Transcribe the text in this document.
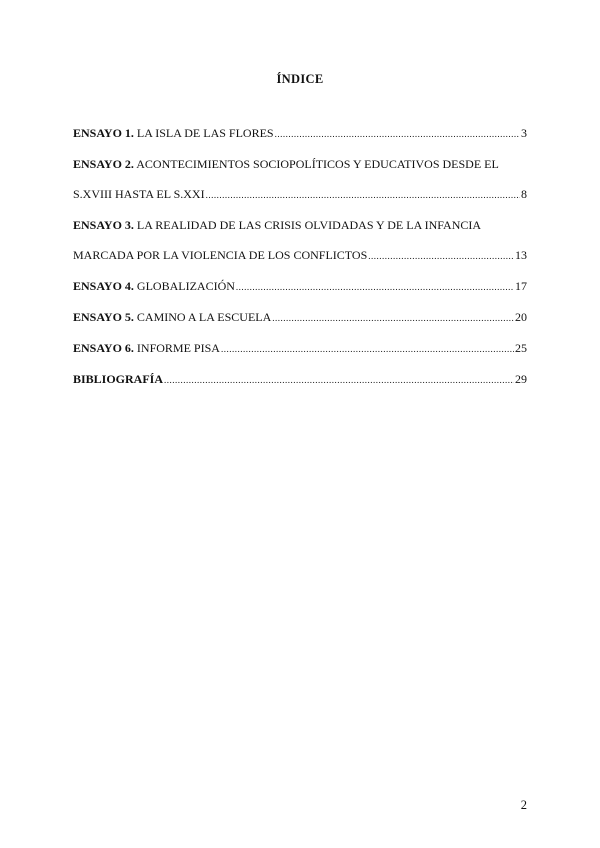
ÍNDICE
ENSAYO 1. LA ISLA DE LAS FLORES .....	3
ENSAYO 2. ACONTECIMIENTOS SOCIOPOLÍTICOS Y EDUCATIVOS DESDE EL
S.XVIII HASTA EL S.XXI .....	8
ENSAYO 3. LA REALIDAD DE LAS CRISIS OLVIDADAS Y DE LA INFANCIA
MARCADA POR LA VIOLENCIA DE LOS CONFLICTOS .....	13
ENSAYO 4. GLOBALIZACIÓN .....	17
ENSAYO 5. CAMINO A LA ESCUELA .....	20
ENSAYO 6. INFORME PISA .....	25
BIBLIOGRAFÍA .....	29
2
